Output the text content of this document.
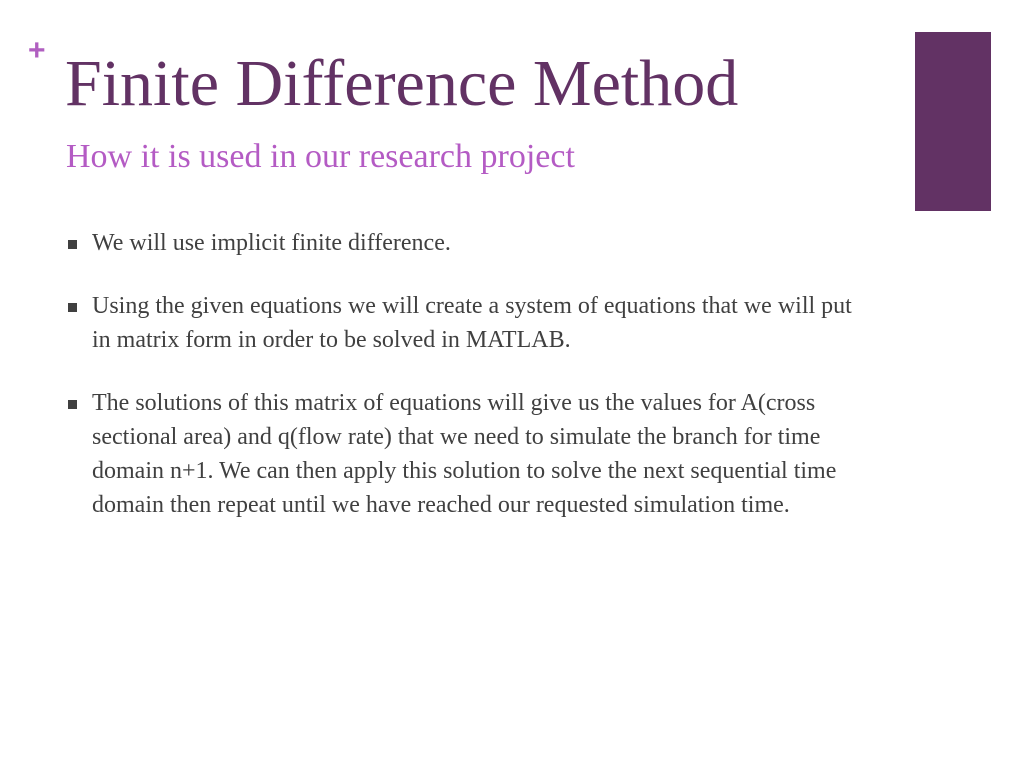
+ Finite Difference Method
How it is used in our research project
We will use implicit finite difference.
Using the given equations we will create a system of equations that we will put in matrix form in order to be solved in MATLAB.
The solutions of this matrix of equations will give us the values for A(cross sectional area) and q(flow rate) that we need to simulate the branch for time domain n+1. We can then apply this solution to solve the next sequential time domain then repeat until we have reached our requested simulation time.
